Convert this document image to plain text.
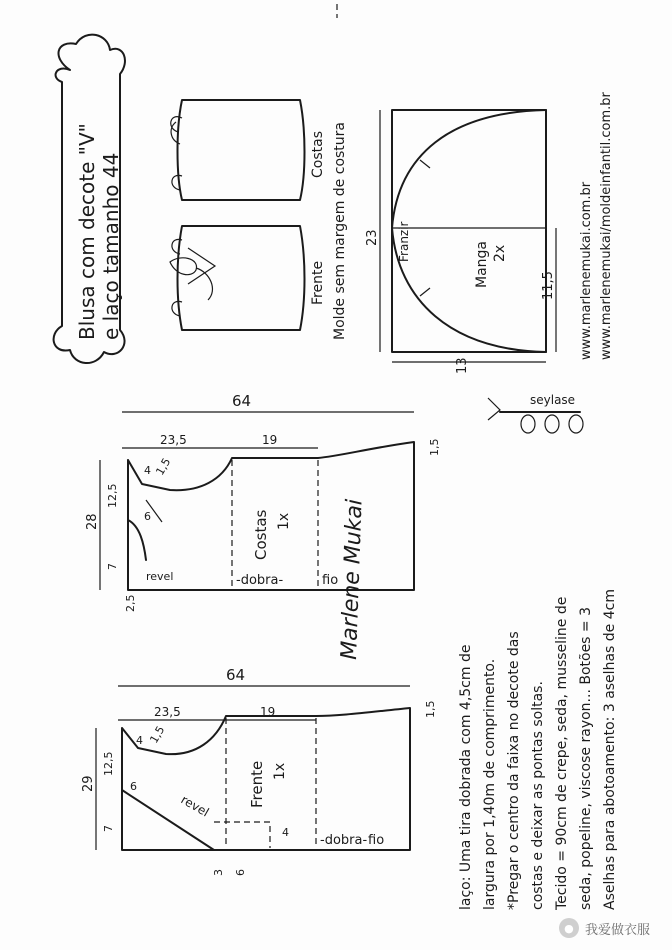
Blusa com decote "V" e laço tamanho 44	Costas
Frente Molde sem margem de costura	Franzir	Manga 2x
23
11,5
13
www.marlenemukai.com.br www.marlenemukai/moldeinfantil.com.br
64
23,5	19	1,5
Costas 1x
-dobra-	fio
revel
28
12,5
7
2,5
4
6
1,5
Marlene Mukai
64
23,5	19	1,5
Frente 1x
-dobra- fio
revel
29
12,5
7
4
6
1,5
3 6
4
seylase
laço: Uma tira dobrada com 4,5cm de largura por 1,40m de comprimento. *Pregar o centro da faixa no decote das costas e deixar as pontas soltas. Tecido = 90cm de crepe, seda, musseline de seda, popeline, viscose rayon... Botões = 3 Aselhas para abotoamento: 3 aselhas de 4cm
● 我爱做衣服
